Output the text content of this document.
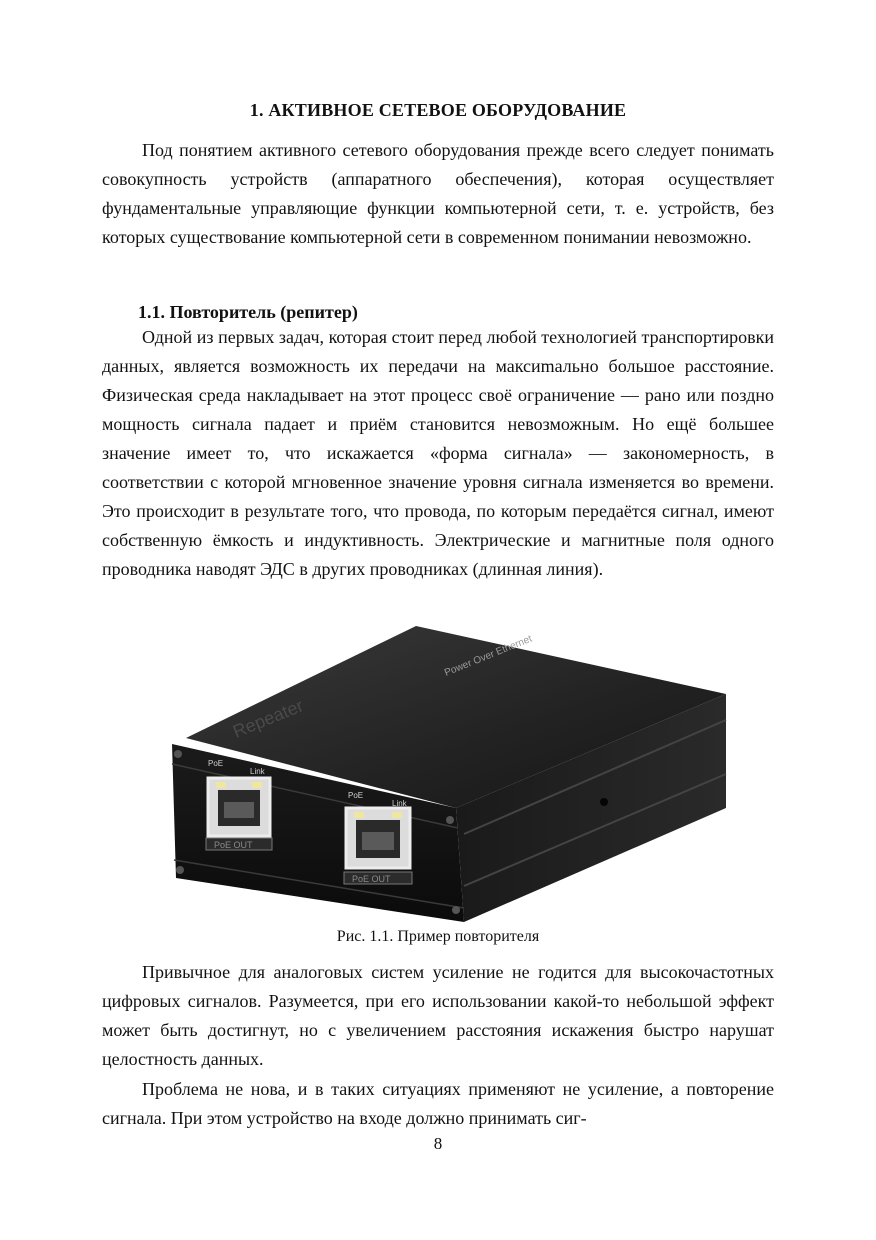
1. АКТИВНОЕ СЕТЕВОЕ ОБОРУДОВАНИЕ

Под понятием активного сетевого оборудования прежде всего следует понимать совокупность устройств (аппаратного обеспечения), которая осуществляет фундаментальные управляющие функции компьютерной сети, т. е. устройств, без которых существование компьютерной сети в современном понимании невозможно.

1.1. Повторитель (репитер)

Одной из первых задач, которая стоит перед любой технологией транспортировки данных, является возможность их передачи на максиmально большое расстояние. Физическая среда накладывает на этот процесс своё ограничение — рано или поздно мощность сигнала падает и приём становится невозможным. Но ещё большее значение имеет то, что искажается «форма сигнала» — закономерность, в соответствии с которой мгновенное значение уровня сигнала изменяется во времени. Это происходит в результате того, что провода, по которым передаётся сигнал, имеют собственную ёмкость и индуктивность. Электрические и магнитные поля одного проводника наводят ЭДС в других проводниках (длинная линия).

Power Over Ethernet
Repeater
PoE
Link
PoE OUT
PoE
Link
PoE OUT

Рис. 1.1. Пример повторителя

Привычное для аналоговых систем усиление не годится для высокочастотных цифровых сигналов. Разумеется, при его использовании какой-то небольшой эффект может быть достигнут, но с увеличением расстояния искажения быстро нарушат целостность данных.

Проблема не нова, и в таких ситуациях применяют не усиление, а повторение сигнала. При этом устройство на входе должно принимать сиг-

8
